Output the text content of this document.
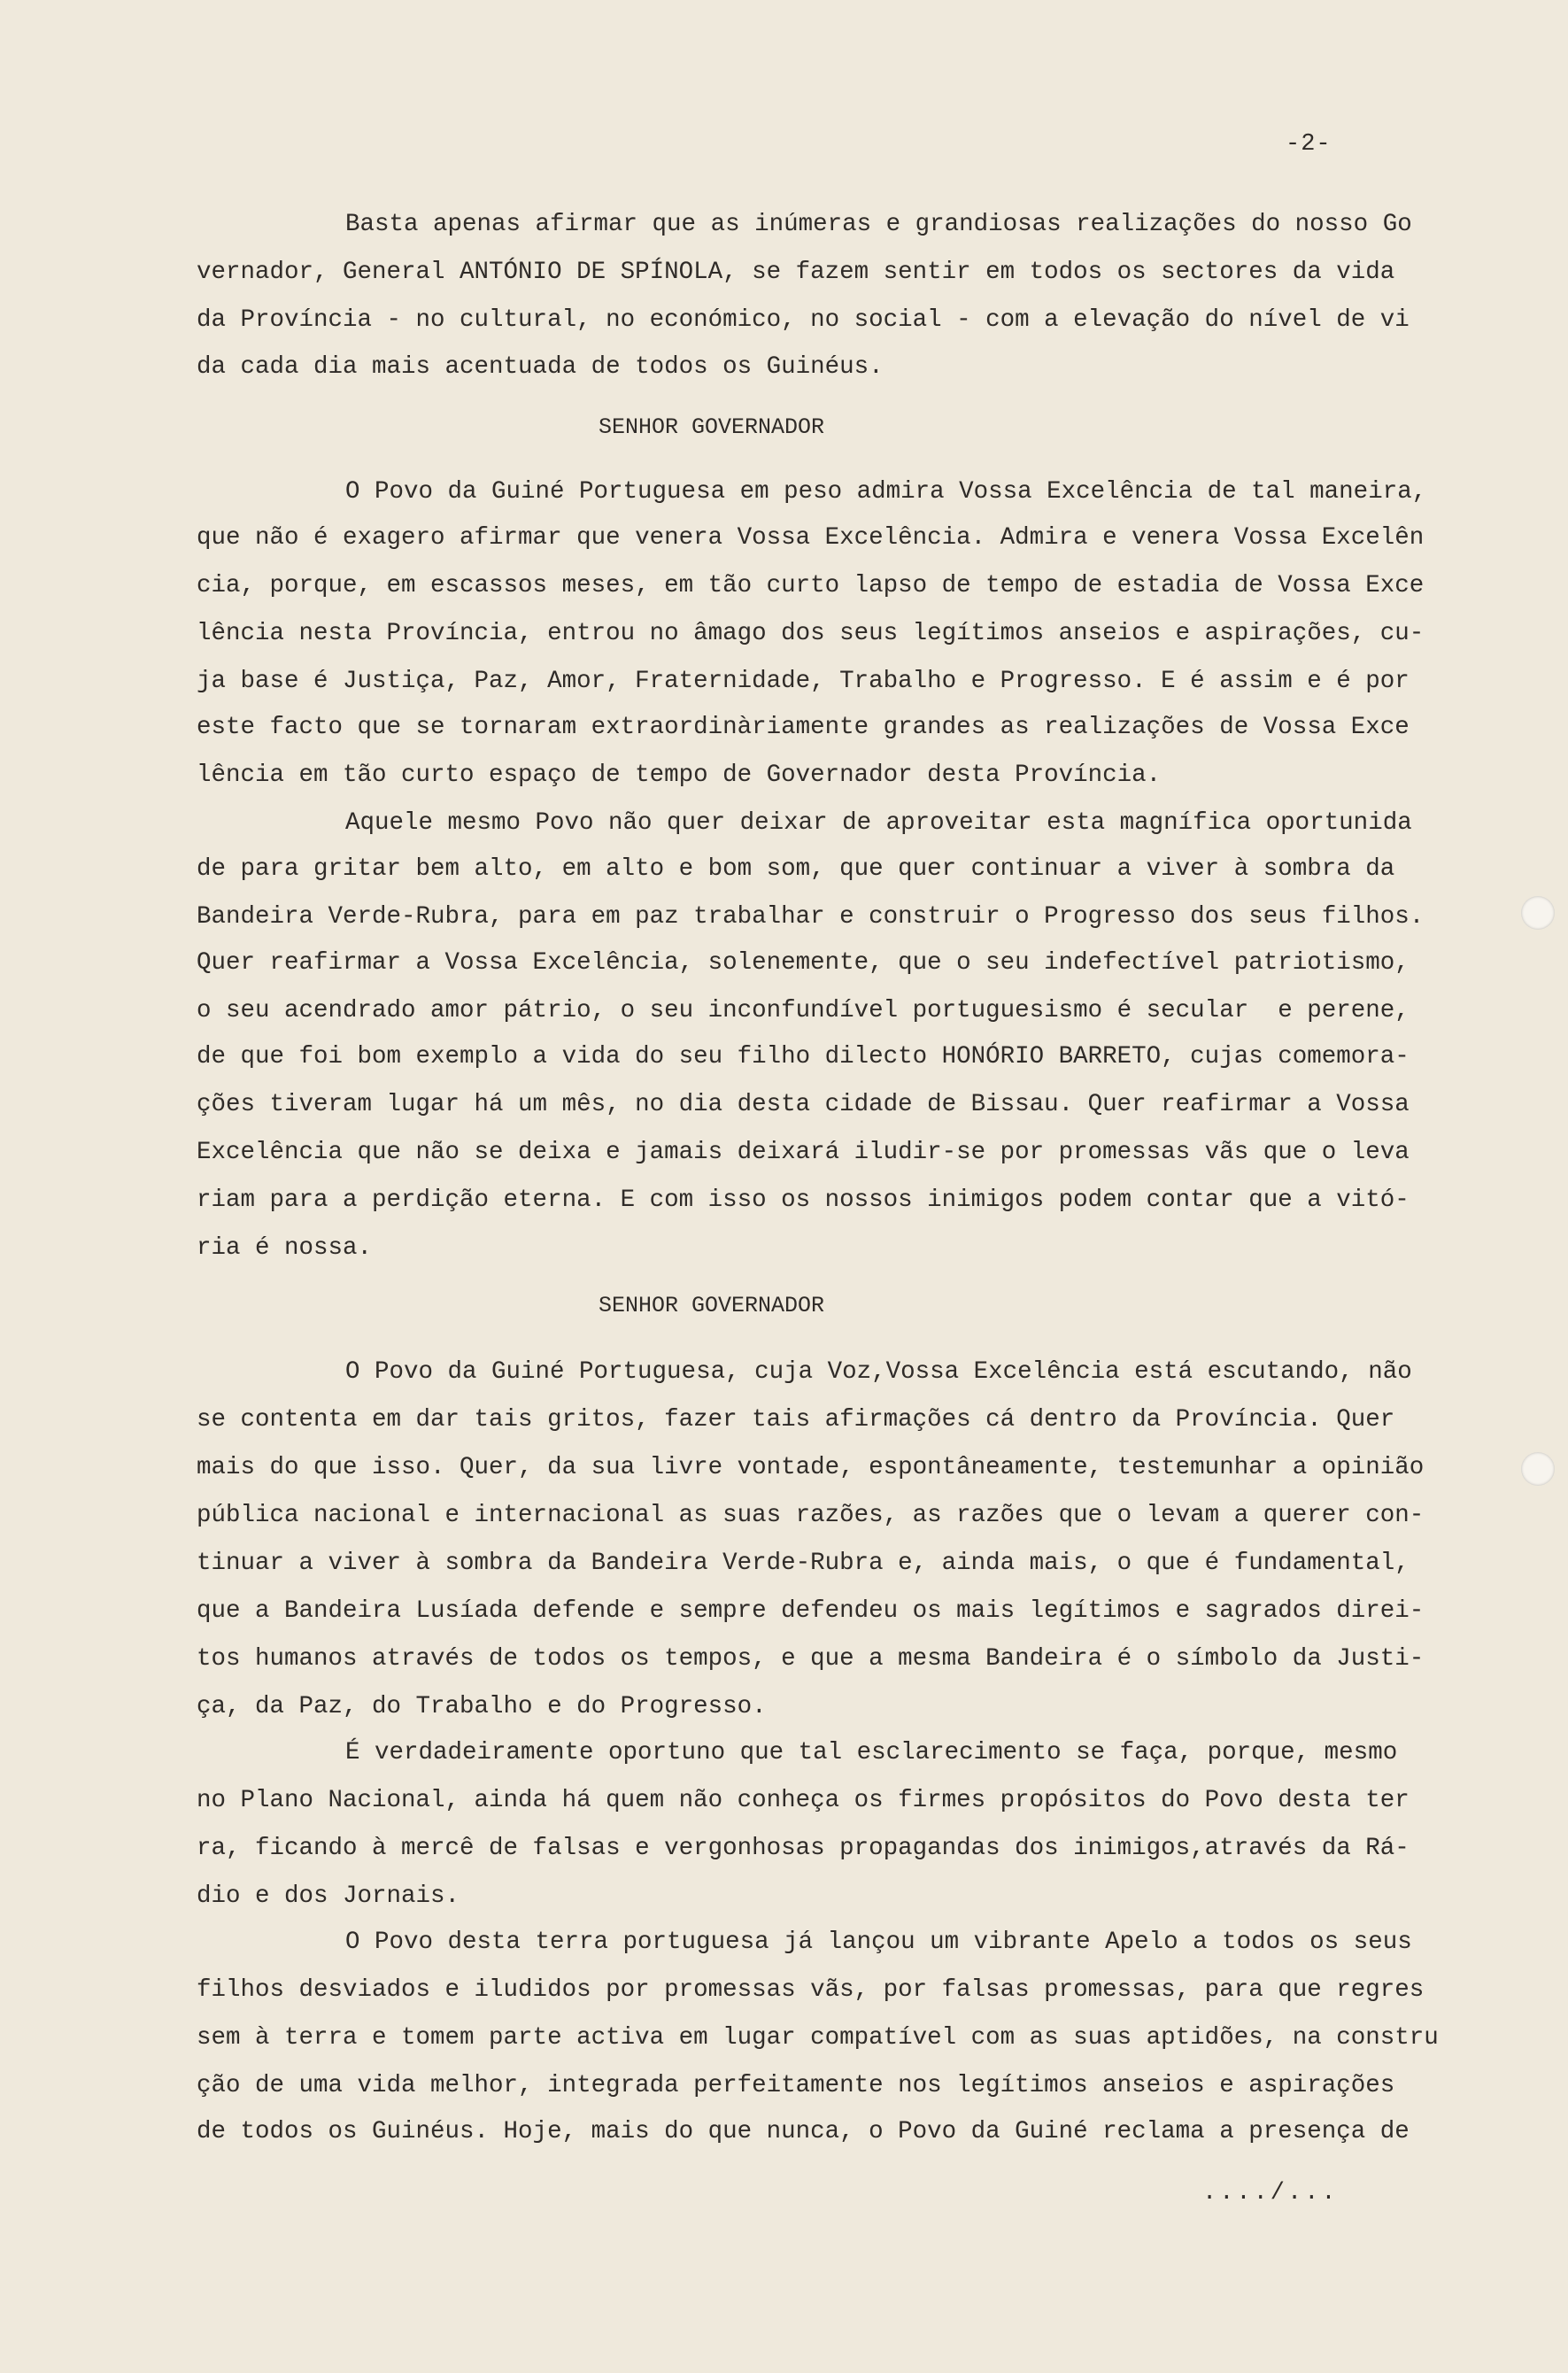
-2-
Basta apenas afirmar que as inúmeras e grandiosas realizações do nosso Go
vernador, General ANTÓNIO DE SPÍNOLA, se fazem sentir em todos os sectores da vida
da Província - no cultural, no económico, no social - com a elevação do nível de vi
da cada dia mais acentuada de todos os Guinéus.
SENHOR GOVERNADOR
O Povo da Guiné Portuguesa em peso admira Vossa Excelência de tal maneira,
que não é exagero afirmar que venera Vossa Excelência. Admira e venera Vossa Excelên
cia, porque, em escassos meses, em tão curto lapso de tempo de estadia de Vossa Exce
lência nesta Província, entrou no âmago dos seus legítimos anseios e aspirações, cu-
ja base é Justiça, Paz, Amor, Fraternidade, Trabalho e Progresso. E é assim e é por
este facto que se tornaram extraordinàriamente grandes as realizações de Vossa Exce
lência em tão curto espaço de tempo de Governador desta Província.
Aquele mesmo Povo não quer deixar de aproveitar esta magnífica oportunida
de para gritar bem alto, em alto e bom som, que quer continuar a viver à sombra da
Bandeira Verde-Rubra, para em paz trabalhar e construir o Progresso dos seus filhos.
Quer reafirmar a Vossa Excelência, solenemente, que o seu indefectível patriotismo,
o seu acendrado amor pátrio, o seu inconfundível portuguesismo é secular  e perene,
de que foi bom exemplo a vida do seu filho dilecto HONÓRIO BARRETO, cujas comemora-
ções tiveram lugar há um mês, no dia desta cidade de Bissau. Quer reafirmar a Vossa
Excelência que não se deixa e jamais deixará iludir-se por promessas vãs que o leva
riam para a perdição eterna. E com isso os nossos inimigos podem contar que a vitó-
ria é nossa.
SENHOR GOVERNADOR
O Povo da Guiné Portuguesa, cuja Voz,Vossa Excelência está escutando, não
se contenta em dar tais gritos, fazer tais afirmações cá dentro da Província. Quer
mais do que isso. Quer, da sua livre vontade, espontâneamente, testemunhar a opinião
pública nacional e internacional as suas razões, as razões que o levam a querer con-
tinuar a viver à sombra da Bandeira Verde-Rubra e, ainda mais, o que é fundamental,
que a Bandeira Lusíada defende e sempre defendeu os mais legítimos e sagrados direi-
tos humanos através de todos os tempos, e que a mesma Bandeira é o símbolo da Justi-
ça, da Paz, do Trabalho e do Progresso.
É verdadeiramente oportuno que tal esclarecimento se faça, porque, mesmo
no Plano Nacional, ainda há quem não conheça os firmes propósitos do Povo desta ter
ra, ficando à mercê de falsas e vergonhosas propagandas dos inimigos,através da Rá-
dio e dos Jornais.
O Povo desta terra portuguesa já lançou um vibrante Apelo a todos os seus
filhos desviados e iludidos por promessas vãs, por falsas promessas, para que regres
sem à terra e tomem parte activa em lugar compatível com as suas aptidões, na constru
ção de uma vida melhor, integrada perfeitamente nos legítimos anseios e aspirações
de todos os Guinéus. Hoje, mais do que nunca, o Povo da Guiné reclama a presença de
..../...
